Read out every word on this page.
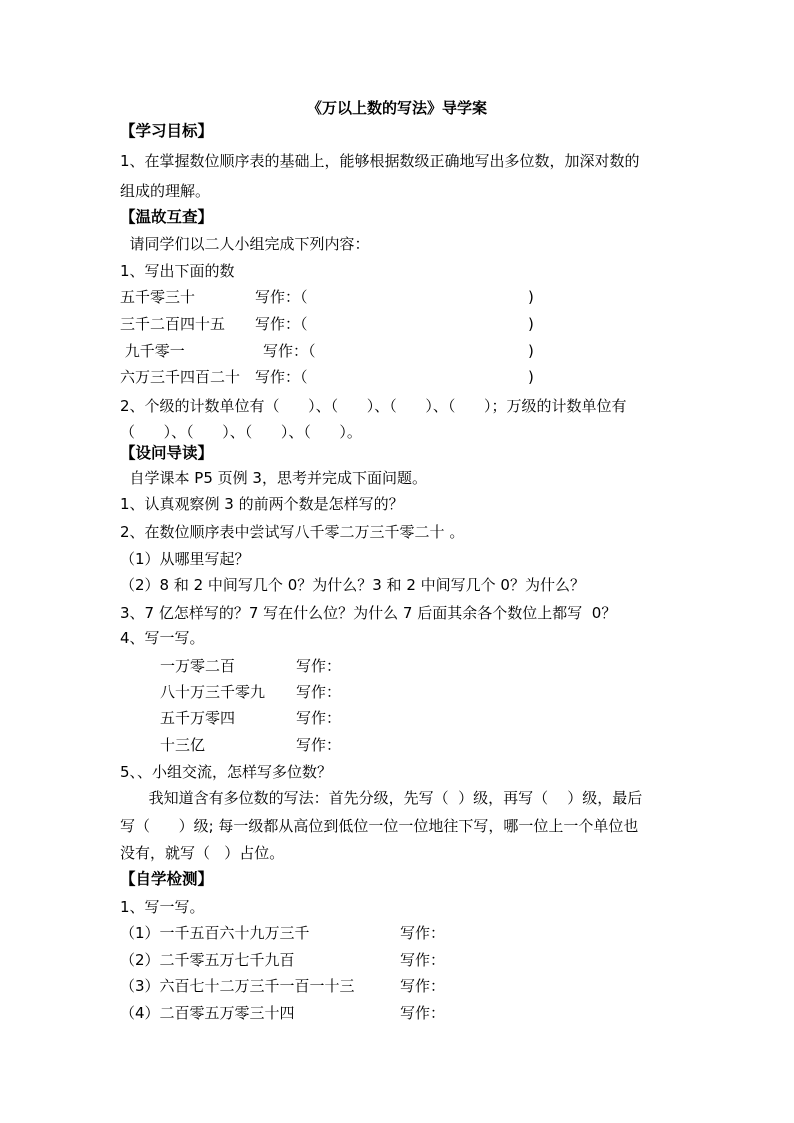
《万以上数的写法》导学案
【学习目标】
1、在掌握数位顺序表的基础上，能够根据数级正确地写出多位数，加深对数的
组成的理解。
【温故互查】
请同学们以二人小组完成下列内容：
1、写出下面的数
五千零三十	写作：（	)
三千二百四十五 写作：（	)
九千零一	写作：（	)
六万三千四百二十 写作：（	)
2、个级的计数单位有（      ）、（      ）、（      ）、（      ）；万级的计数单位有
（      ）、（      ）、（      ）、（      ）。
【设问导读】
自学课本 P5 页例 3，思考并完成下面问题。
1、认真观察例 3 的前两个数是怎样写的？
2、在数位顺序表中尝试写八千零二万三千零二十 。
（1）从哪里写起？
（2）8 和 2 中间写几个 0？为什么？3 和 2 中间写几个 0？为什么？
3、7 亿怎样写的？7 写在什么位？为什么 7 后面其余各个数位上都写  0？
4、写一写。
一万零二百	写作：
八十万三千零九 写作：
五千万零四	写作：
十三亿	写作：
5、、小组交流，怎样写多位数？
我知道含有多位数的写法：首先分级，先写（  ）级，再写（    ）级，最后
写（      ）级; 每一级都从高位到低位一位一位地往下写，哪一位上一个单位也
没有，就写（   ）占位。
【自学检测】
1、写一写。
（1）一千五百六十九万三千	写作：
（2）二千零五万七千九百	写作：
（3）六百七十二万三千一百一十三	写作：
（4）二百零五万零三十四	写作：
